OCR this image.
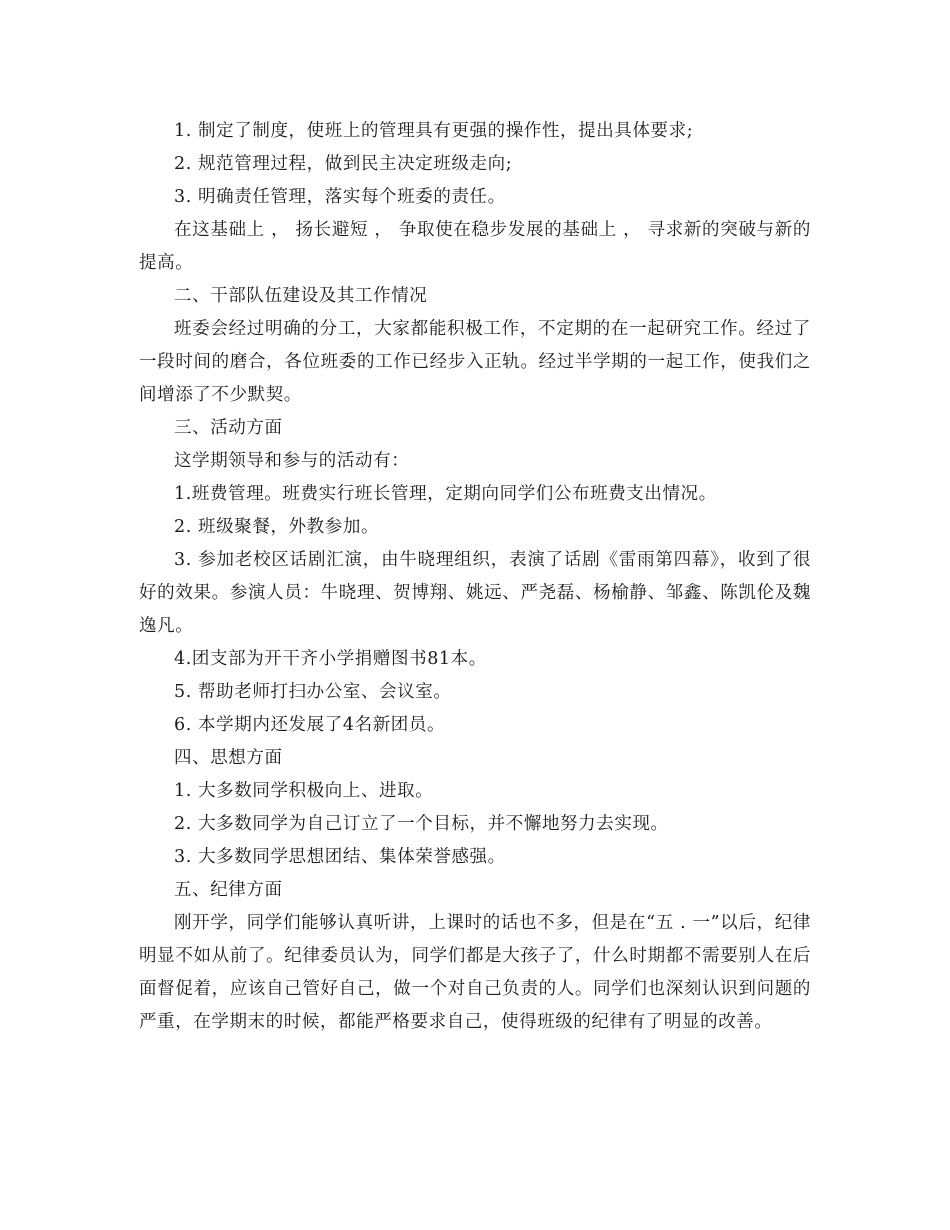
1. 制定了制度，使班上的管理具有更强的操作性，提出具体要求;

2. 规范管理过程，做到民主决定班级走向;

3. 明确责任管理，落实每个班委的责任。

在这基础上 ， 扬长避短 ， 争取使在稳步发展的基础上 ， 寻求新的突破与新的提高。

二、干部队伍建设及其工作情况

班委会经过明确的分工，大家都能积极工作，不定期的在一起研究工作。经过了一段时间的磨合，各位班委的工作已经步入正轨。经过半学期的一起工作，使我们之间增添了不少默契。

三、活动方面

这学期领导和参与的活动有：

1.班费管理。班费实行班长管理，定期向同学们公布班费支出情况。

2. 班级聚餐，外教参加。

3. 参加老校区话剧汇演，由牛晓理组织，表演了话剧《雷雨第四幕》，收到了很好的效果。参演人员：牛晓理、贺博翔、姚远、严尧磊、杨榆静、邹鑫、陈凯伦及魏逸凡。

4.团支部为开干齐小学捐赠图书81本。

5. 帮助老师打扫办公室、会议室。

6. 本学期内还发展了4名新团员。

四、思想方面

1. 大多数同学积极向上、进取。

2. 大多数同学为自己订立了一个目标，并不懈地努力去实现。

3. 大多数同学思想团结、集体荣誉感强。

五、纪律方面

刚开学，同学们能够认真听讲，上课时的话也不多，但是在“五 . 一”以后，纪律明显不如从前了。纪律委员认为，同学们都是大孩子了，什么时期都不需要别人在后面督促着，应该自己管好自己，做一个对自己负责的人。同学们也深刻认识到问题的严重，在学期末的时候，都能严格要求自己，使得班级的纪律有了明显的改善。
